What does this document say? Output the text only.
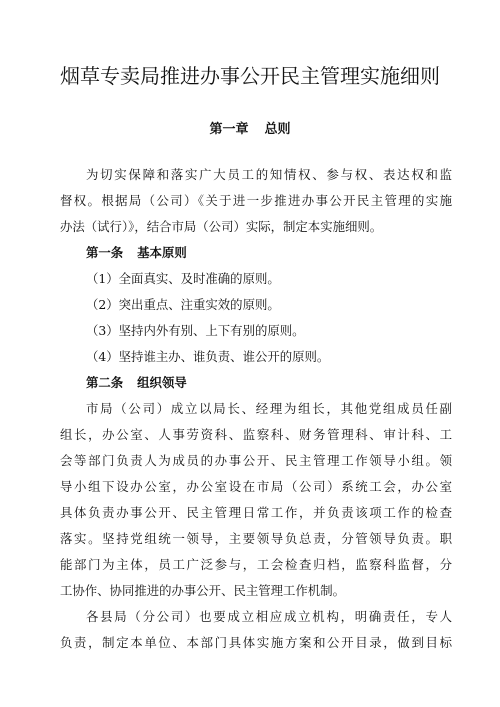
烟草专卖局推进办事公开民主管理实施细则
第一章 总则
为切实保障和落实广大员工的知情权、参与权、表达权和监
督权。根据局（公司）《关于进一步推进办事公开民主管理的实施
办法（试行）》，结合市局（公司）实际，制定本实施细则。
第一条 基本原则
（1）全面真实、及时准确的原则。
（2）突出重点、注重实效的原则。
（3）坚持内外有别、上下有别的原则。
（4）坚持谁主办、谁负责、谁公开的原则。
第二条 组织领导
市局（公司）成立以局长、经理为组长，其他党组成员任副
组长，办公室、人事劳资科、监察科、财务管理科、审计科、工
会等部门负责人为成员的办事公开、民主管理工作领导小组。领
导小组下设办公室，办公室设在市局（公司）系统工会，办公室
具体负责办事公开、民主管理日常工作，并负责该项工作的检查
落实。坚持党组统一领导，主要领导负总责，分管领导负责。职
能部门为主体，员工广泛参与，工会检查归档，监察科监督，分
工协作、协同推进的办事公开、民主管理工作机制。
各县局（分公司）也要成立相应成立机构，明确责任，专人
负责，制定本单位、本部门具体实施方案和公开目录，做到目标
